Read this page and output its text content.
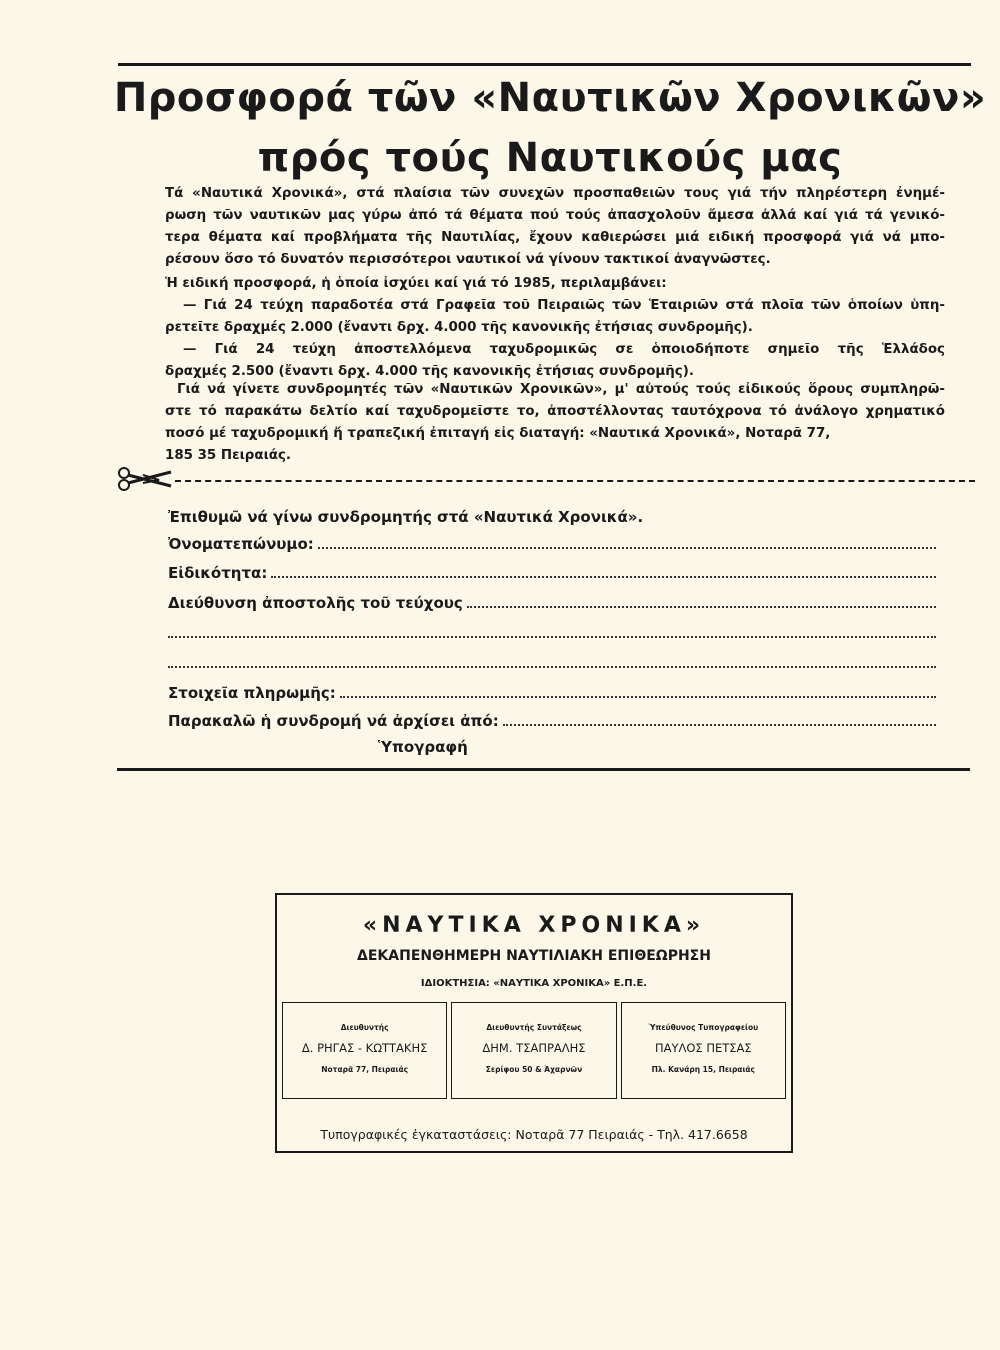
Προσφορά τῶν «Ναυτικῶν Χρονικῶν»
πρός τούς Ναυτικούς μας
Τά «Ναυτικά Χρονικά», στά πλαίσια τῶν συνεχῶν προσπαθειῶν τους γιά τήν πληρέστερη ἐνημέ-
ρωση τῶν ναυτικῶν μας γύρω ἀπό τά θέματα πού τούς ἀπασχολοῦν ἄμεσα ἀλλά καί γιά τά γενικό-
τερα θέματα καί προβλήματα τῆς Ναυτιλίας, ἔχουν καθιερώσει μιά ειδική προσφορά γιά νά μπο-
ρέσουν ὅσο τό δυνατόν περισσότεροι ναυτικοί νά γίνουν τακτικοί ἀναγνῶστες.
Ἡ ειδική προσφορά, ἡ ὁποία ἰσχύει καί γιά τό 1985, περιλαμβάνει:
— Γιά 24 τεύχη παραδοτέα στά Γραφεῖα τοῦ Πειραιῶς τῶν Ἑταιριῶν στά πλοῖα τῶν ὁποίων ὑπη-
ρετεῖτε δραχμές 2.000 (ἔναντι δρχ. 4.000 τῆς κανονικῆς ἐτήσιας συνδρομῆς).
— Γιά 24 τεύχη ἀποστελλόμενα ταχυδρομικῶς σε ὁποιοδήποτε σημεῖο τῆς Ἑλλάδος
δραχμές 2.500 (ἔναντι δρχ. 4.000 τῆς κανονικῆς ἐτήσιας συνδρομῆς).
Γιά νά γίνετε συνδρομητές τῶν «Ναυτικῶν Χρονικῶν», μ' αὐτούς τούς εἰδικούς ὅρους συμπληρῶ-
στε τό παρακάτω δελτίο καί ταχυδρομεῖστε το, ἀποστέλλοντας ταυτόχρονα τό ἀνάλογο χρηματικό
ποσό μέ ταχυδρομική ἤ τραπεζική ἐπιταγή εἰς διαταγή: «Ναυτικά Χρονικά», Νοταρᾶ 77,
185 35 Πειραιάς.
Ἐπιθυμῶ νά γίνω συνδρομητής στά «Ναυτικά Χρονικά».
Ὀνοματεπώνυμο:
Εἰδικότητα:
Διεύθυνση ἀποστολῆς τοῦ τεύχους
Στοιχεῖα πληρωμῆς:
Παρακαλῶ ἡ συνδρομή νά ἀρχίσει ἀπό:
Ὑπογραφή
«ΝΑΥΤΙΚΑ ΧΡΟΝΙΚΑ»
ΔΕΚΑΠΕΝΘΗΜΕΡΗ ΝΑΥΤΙΛΙΑΚΗ ΕΠΙΘΕΩΡΗΣΗ
ΙΔΙΟΚΤΗΣΙΑ: «ΝΑΥΤΙΚΑ ΧΡΟΝΙΚΑ» Ε.Π.Ε.
Διευθυντής
Δ. ΡΗΓΑΣ - ΚΩΤΤΑΚΗΣ
Νοταρᾶ 77, Πειραιάς
Διευθυντής Συντάξεως
ΔΗΜ. ΤΣΑΠΡΑΛΗΣ
Σερίφου 50 & Ἀχαρνῶν
Ὑπεύθυνος Τυπογραφείου
ΠΑΥΛΟΣ ΠΕΤΣΑΣ
Πλ. Κανάρη 15, Πειραιάς
Τυπογραφικές ἐγκαταστάσεις: Νοταρᾶ 77 Πειραιάς - Τηλ. 417.6658
